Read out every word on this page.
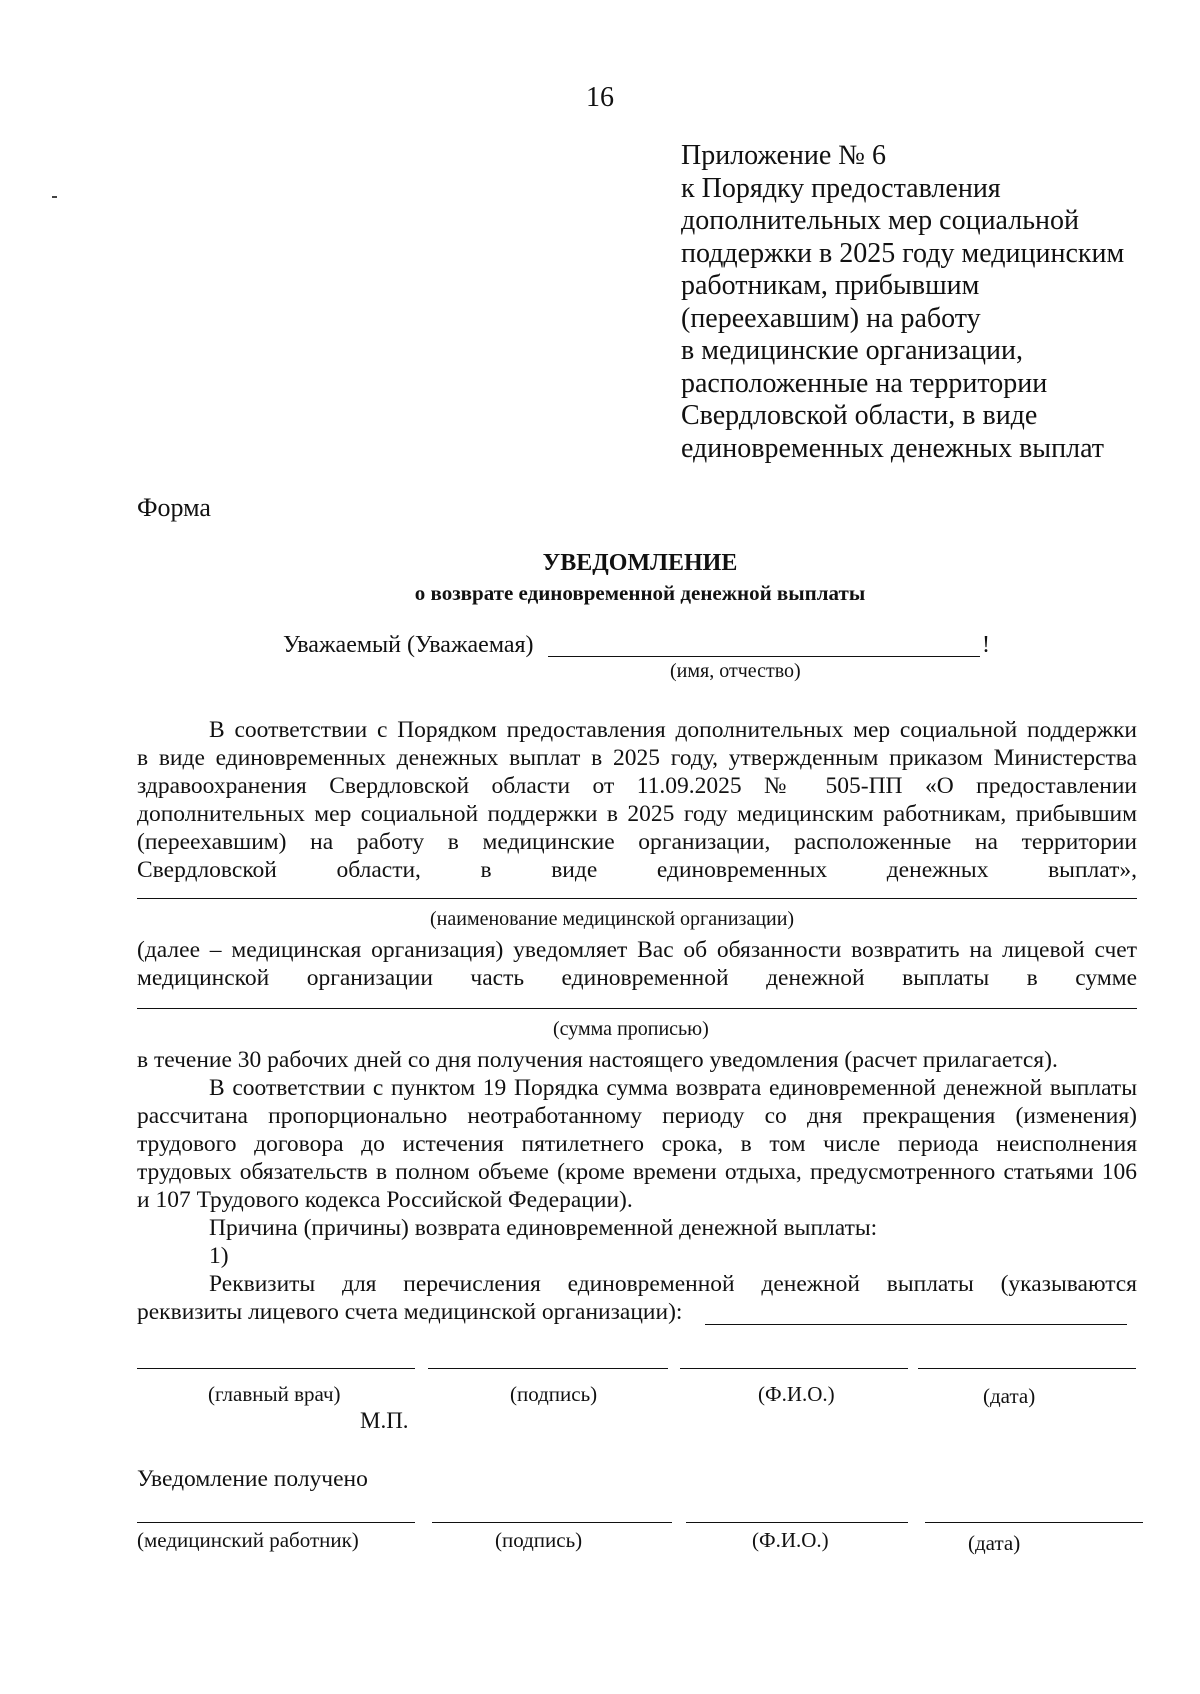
16
Приложение № 6
к Порядку предоставления
дополнительных мер социальной
поддержки в 2025 году медицинским
работникам, прибывшим
(переехавшим) на работу
в медицинские организации,
расположенные на территории
Свердловской области, в виде
единовременных денежных выплат
Форма
УВЕДОМЛЕНИЕ
о возврате единовременной денежной выплаты
Уважаемый (Уважаемая)	!
(имя, отчество)
В соответствии с Порядком предоставления дополнительных мер социальной поддержки
в виде единовременных денежных выплат в 2025 году, утвержденным приказом Министерства
здравоохранения Свердловской области от 11.09.2025 № 505-ПП «О предоставлении
дополнительных мер социальной поддержки в 2025 году медицинским работникам, прибывшим
(переехавшим) на работу в медицинские организации, расположенные на территории
Свердловской области, в виде единовременных денежных выплат»,
(наименование медицинской организации)
(далее – медицинская организация) уведомляет Вас об обязанности возвратить на лицевой счет
медицинской организации часть единовременной денежной выплаты в сумме
(сумма прописью)
в течение 30 рабочих дней со дня получения настоящего уведомления (расчет прилагается).
В соответствии с пунктом 19 Порядка сумма возврата единовременной денежной выплаты
рассчитана пропорционально неотработанному периоду со дня прекращения (изменения)
трудового договора до истечения пятилетнего срока, в том числе периода неисполнения
трудовых обязательств в полном объеме (кроме времени отдыха, предусмотренного статьями 106
и 107 Трудового кодекса Российской Федерации).
Причина (причины) возврата единовременной денежной выплаты:
1)
Реквизиты для перечисления единовременной денежной выплаты (указываются
реквизиты лицевого счета медицинской организации):
(главный врач)	(подпись)	(Ф.И.О.)	(дата)
М.П.
Уведомление получено
(медицинский работник)	(подпись)	(Ф.И.О.)	(дата)
